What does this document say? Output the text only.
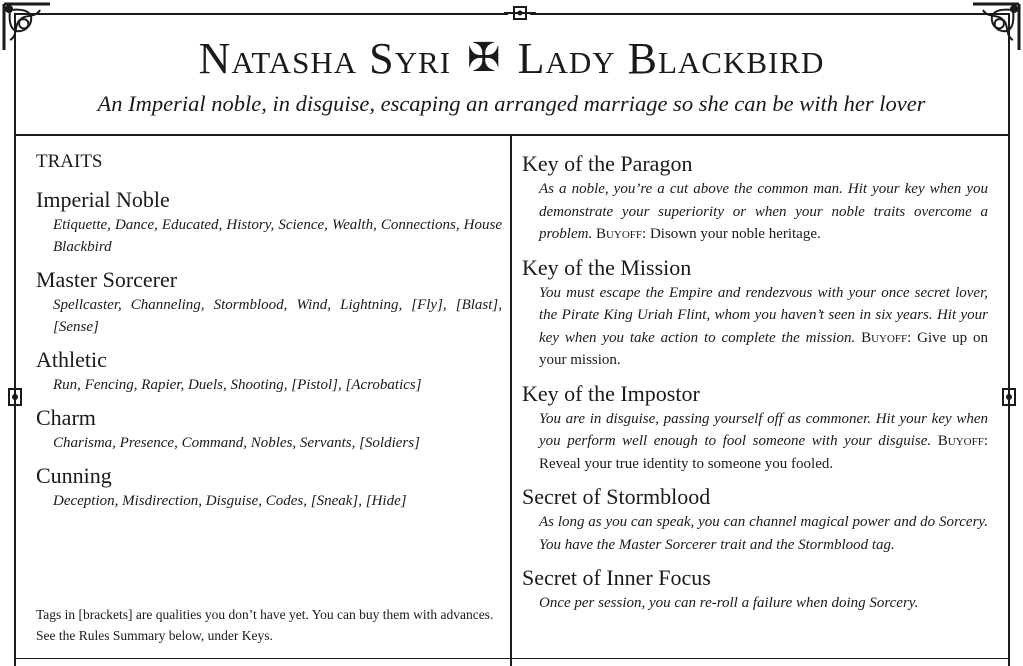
Natasha Syri ✠ Lady Blackbird
An Imperial noble, in disguise, escaping an arranged marriage so she can be with her lover
TRAITS
Imperial Noble
Etiquette, Dance, Educated, History, Science, Wealth, Connections, House Blackbird
Master Sorcerer
Spellcaster, Channeling, Stormblood, Wind, Lightning, [Fly], [Blast], [Sense]
Athletic
Run, Fencing, Rapier, Duels, Shooting, [Pistol], [Acrobatics]
Charm
Charisma, Presence, Command, Nobles, Servants, [Soldiers]
Cunning
Deception, Misdirection, Disguise, Codes, [Sneak], [Hide]
Tags in [brackets] are qualities you don’t have yet. You can buy them with advances. See the Rules Summary below, under Keys.
Key of the Paragon
As a noble, you’re a cut above the common man. Hit your key when you demonstrate your superiority or when your noble traits overcome a problem. Buyoff: Disown your noble heritage.
Key of the Mission
You must escape the Empire and rendezvous with your once secret lover, the Pirate King Uriah Flint, whom you haven’t seen in six years. Hit your key when you take action to complete the mission. Buyoff: Give up on your mission.
Key of the Impostor
You are in disguise, passing yourself off as commoner. Hit your key when you perform well enough to fool someone with your disguise. Buyoff: Reveal your true identity to someone you fooled.
Secret of Stormblood
As long as you can speak, you can channel magical power and do Sorcery. You have the Master Sorcerer trait and the Stormblood tag.
Secret of Inner Focus
Once per session, you can re-roll a failure when doing Sorcery.
